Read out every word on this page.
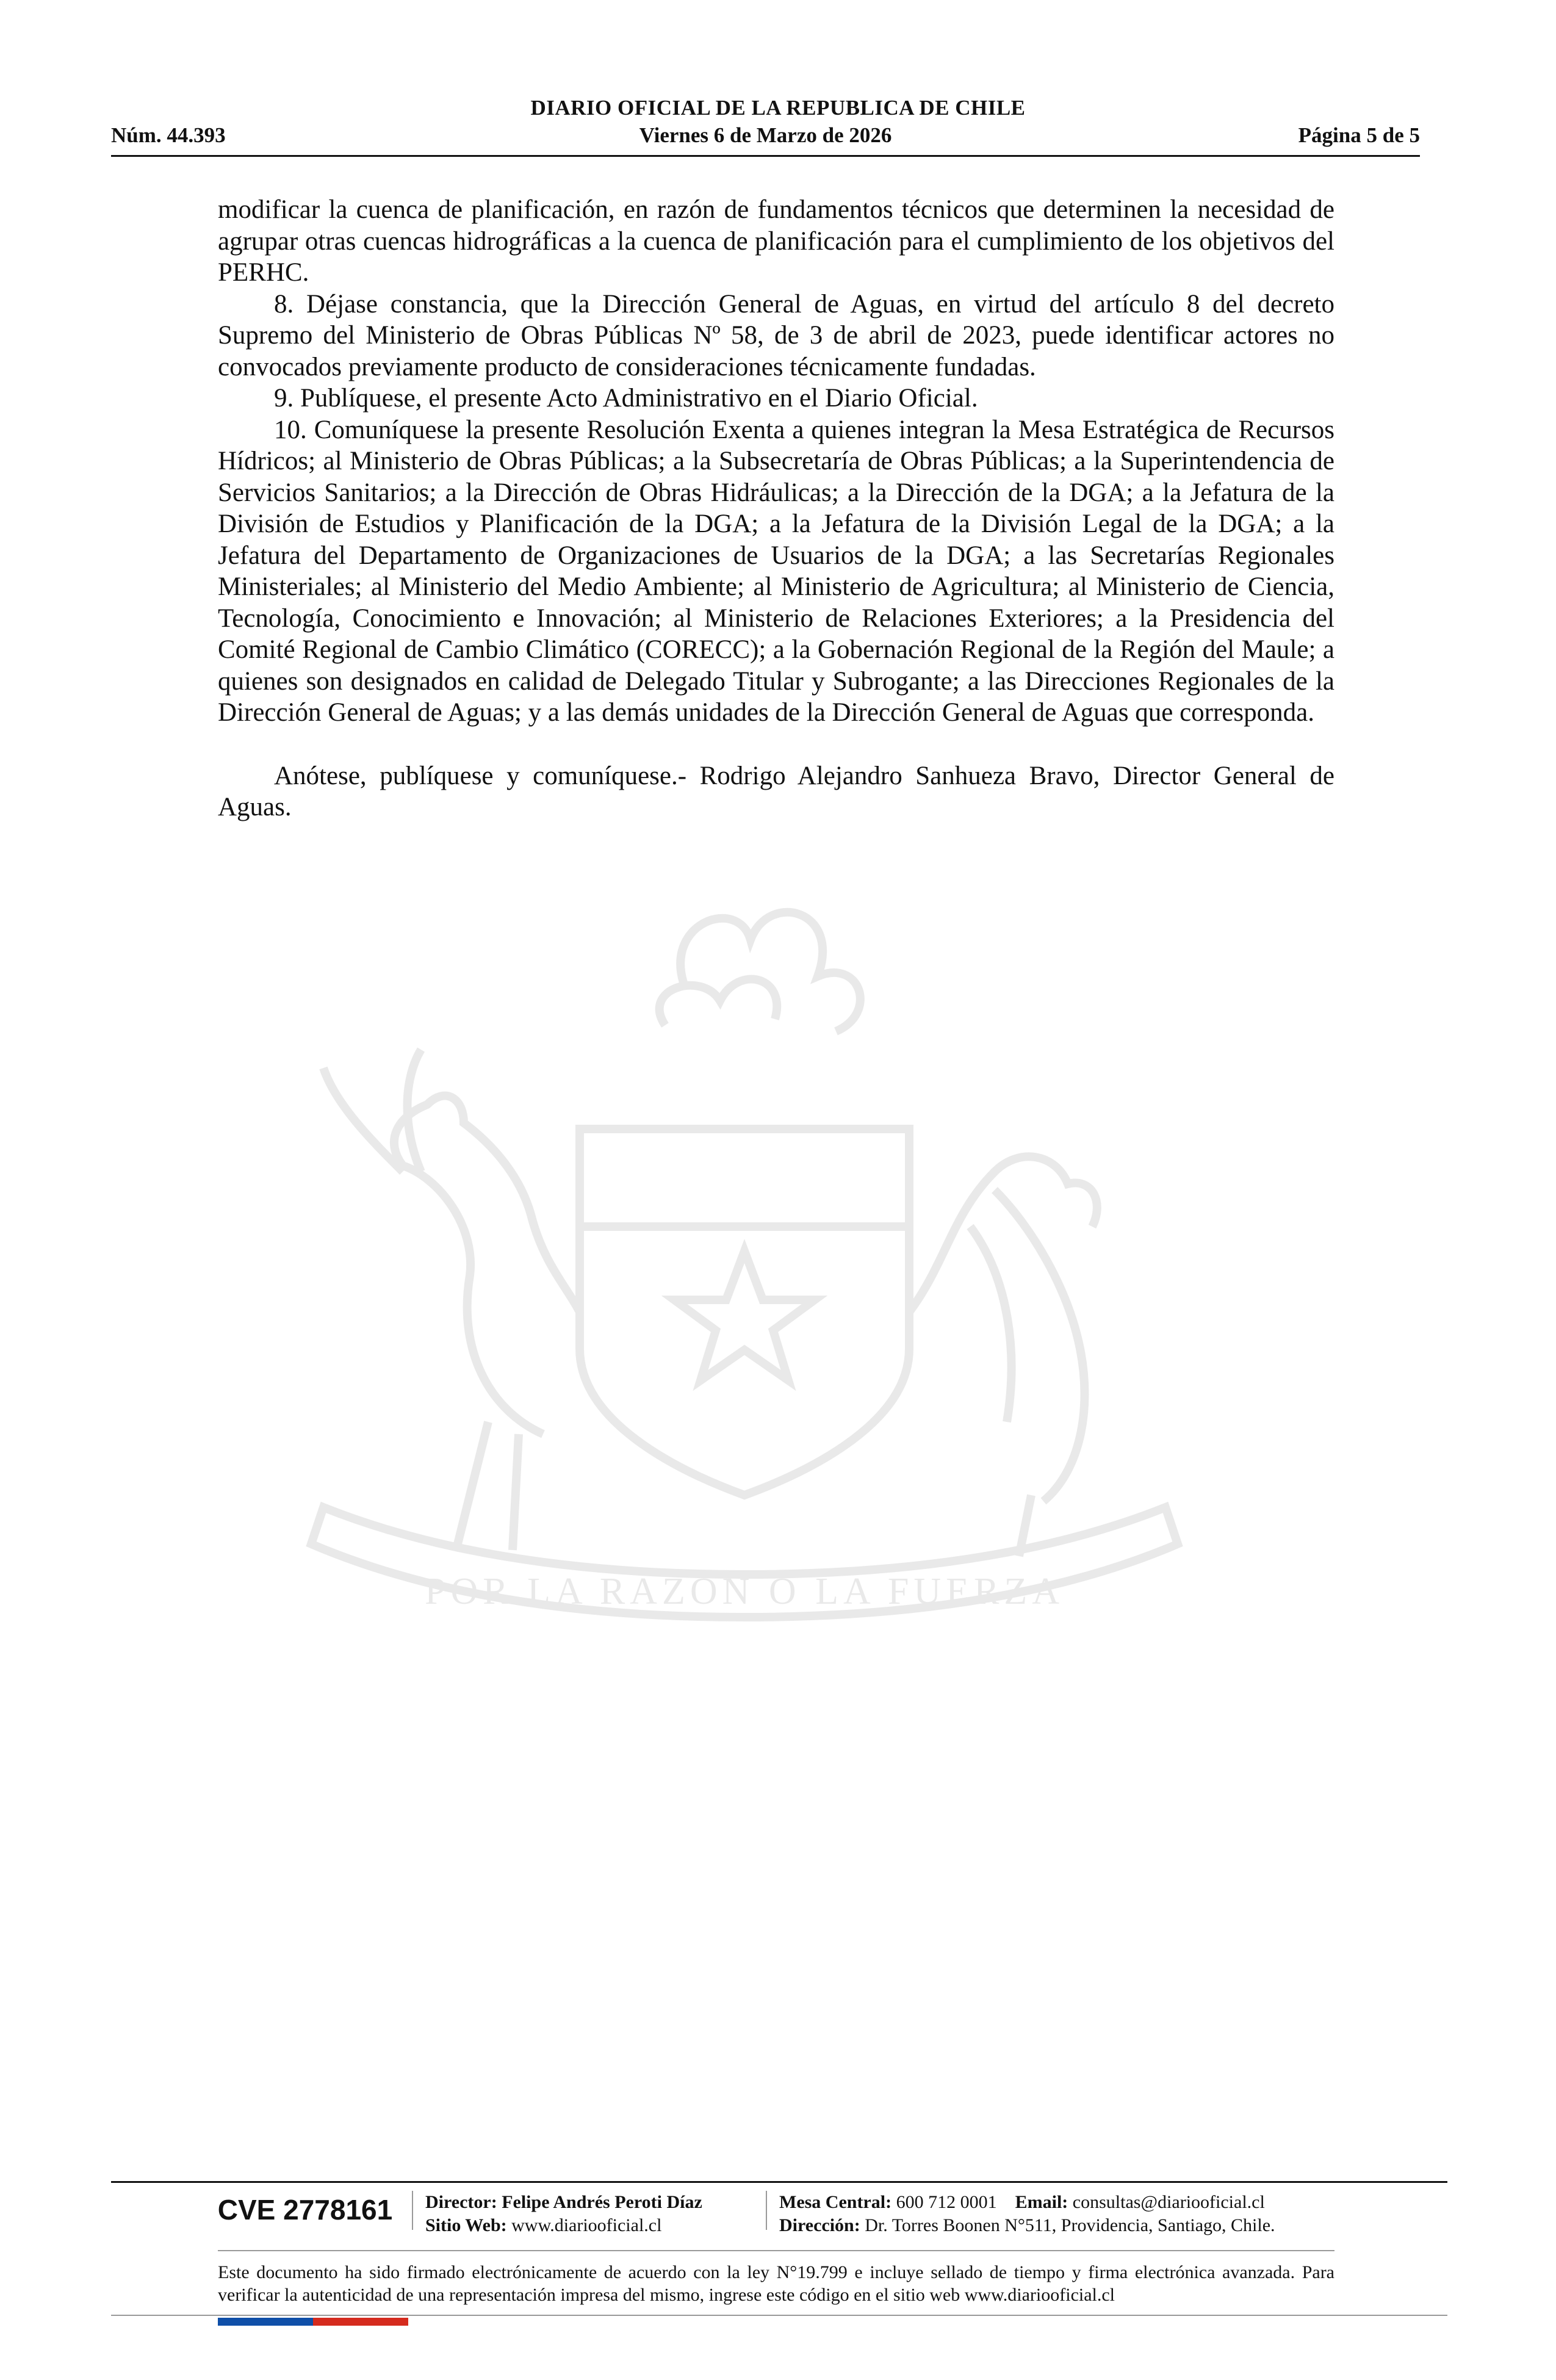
DIARIO OFICIAL DE LA REPUBLICA DE CHILE
Viernes 6 de Marzo de 2026
Núm. 44.393	Página 5 de 5
POR LA RAZÓN O LA FUERZA

modificar la cuenca de planificación, en razón de fundamentos técnicos que determinen la necesidad de agrupar otras cuencas hidrográficas a la cuenca de planificación para el cumplimiento de los objetivos del PERHC.

8. Déjase constancia, que la Dirección General de Aguas, en virtud del artículo 8 del decreto Supremo del Ministerio de Obras Públicas Nº 58, de 3 de abril de 2023, puede identificar actores no convocados previamente producto de consideraciones técnicamente fundadas.

9. Publíquese, el presente Acto Administrativo en el Diario Oficial.

10. Comuníquese la presente Resolución Exenta a quienes integran la Mesa Estratégica de Recursos Hídricos; al Ministerio de Obras Públicas; a la Subsecretaría de Obras Públicas; a la Superintendencia de Servicios Sanitarios; a la Dirección de Obras Hidráulicas; a la Dirección de la DGA; a la Jefatura de la División de Estudios y Planificación de la DGA; a la Jefatura de la División Legal de la DGA; a la Jefatura del Departamento de Organizaciones de Usuarios de la DGA; a las Secretarías Regionales Ministeriales; al Ministerio del Medio Ambiente; al Ministerio de Agricultura; al Ministerio de Ciencia, Tecnología, Conocimiento e Innovación; al Ministerio de Relaciones Exteriores; a la Presidencia del Comité Regional de Cambio Climático (CORECC); a la Gobernación Regional de la Región del Maule; a quienes son designados en calidad de Delegado Titular y Subrogante; a las Direcciones Regionales de la Dirección General de Aguas; y a las demás unidades de la Dirección General de Aguas que corresponda.

Anótese, publíquese y comuníquese.- Rodrigo Alejandro Sanhueza Bravo, Director General de Aguas.

CVE 2778161	Director: Felipe Andrés Peroti Díaz
Sitio Web: www.diariooficial.cl
Mesa Central: 600 712 0001 Email: consultas@diariooficial.cl
Dirección: Dr. Torres Boonen N°511, Providencia, Santiago, Chile.
Este documento ha sido firmado electrónicamente de acuerdo con la ley N°19.799 e incluye sellado de tiempo y firma electrónica avanzada. Para verificar la autenticidad de una representación impresa del mismo, ingrese este código en el sitio web www.diariooficial.cl
